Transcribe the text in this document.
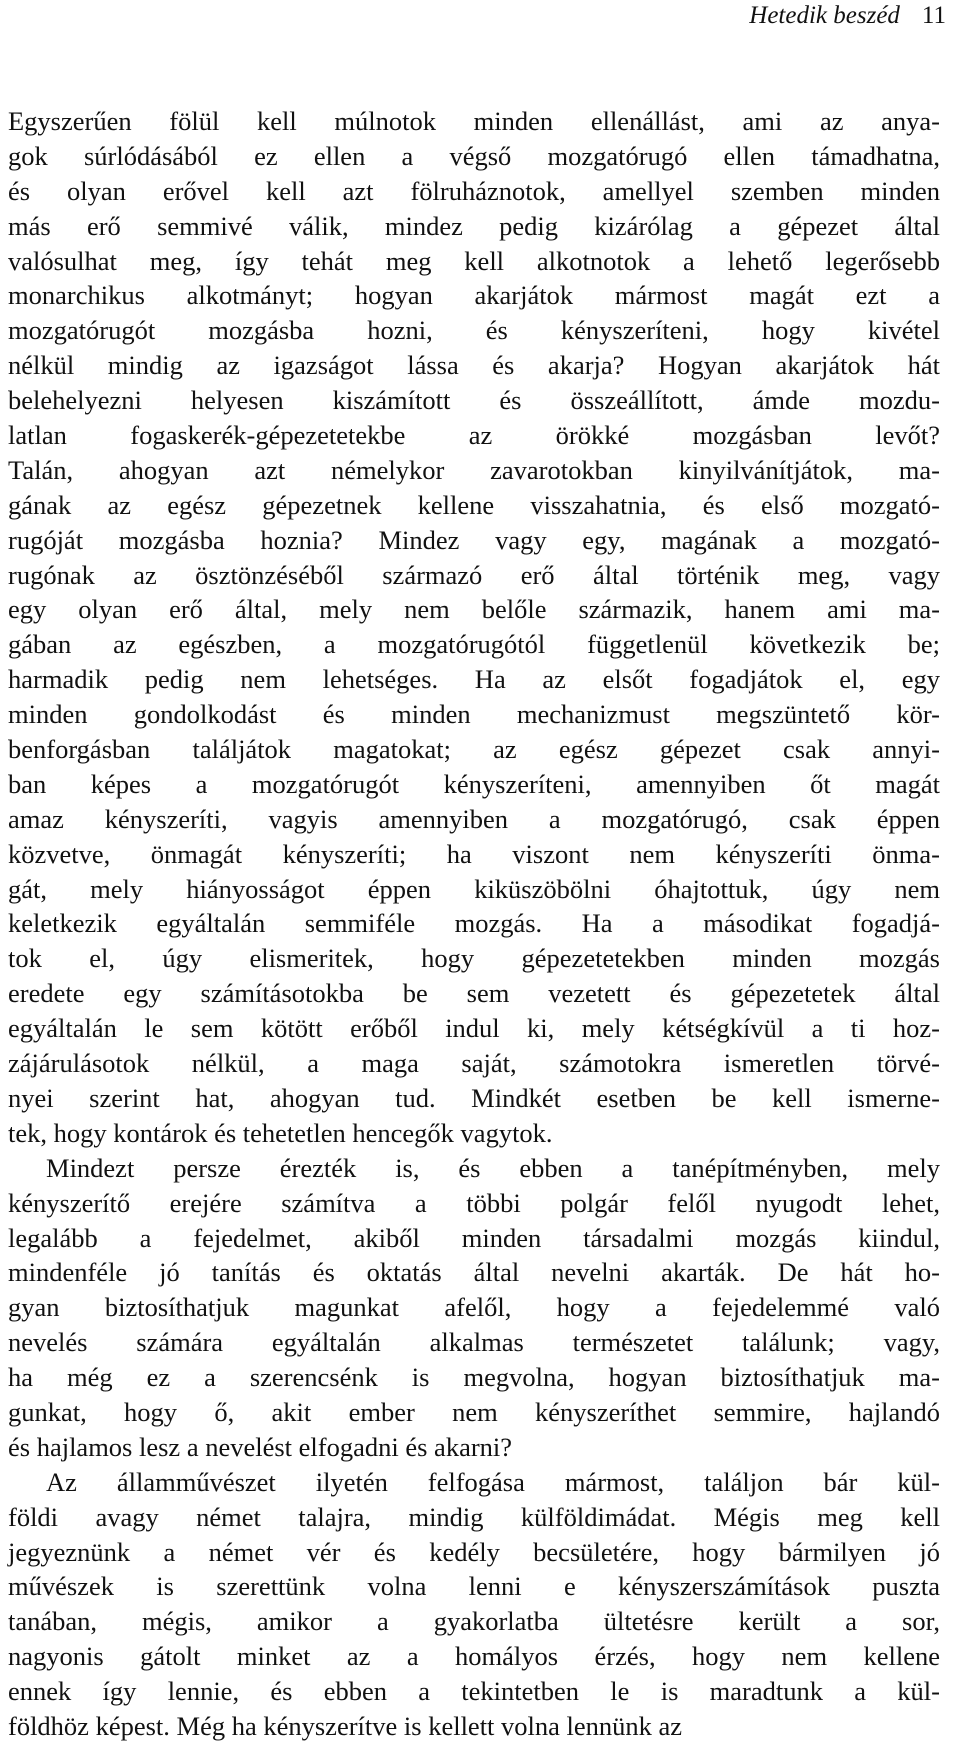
Hetedik beszéd 11
Egyszerűen fölül kell múlnotok minden ellenállást, ami az anya-
gok súrlódásából ez ellen a végső mozgatórugó ellen támadhatna,
és olyan erővel kell azt fölruháznotok, amellyel szemben minden
más erő semmivé válik, mindez pedig kizárólag a gépezet által
valósulhat meg, így tehát meg kell alkotnotok a lehető legerősebb
monarchikus alkotmányt; hogyan akarjátok mármost magát ezt a
mozgatórugót mozgásba hozni, és kényszeríteni, hogy kivétel
nélkül mindig az igazságot lássa és akarja? Hogyan akarjátok hát
belehelyezni helyesen kiszámított és összeállított, ámde mozdu-
latlan fogaskerék-gépezetetekbe az örökké mozgásban levőt?
Talán, ahogyan azt némelykor zavarotokban kinyilvánítjátok, ma-
gának az egész gépezetnek kellene visszahatnia, és első mozgató-
rugóját mozgásba hoznia? Mindez vagy egy, magának a mozgató-
rugónak az ösztönzéséből származó erő által történik meg, vagy
egy olyan erő által, mely nem belőle származik, hanem ami ma-
gában az egészben, a mozgatórugótól függetlenül következik be;
harmadik pedig nem lehetséges. Ha az elsőt fogadjátok el, egy
minden gondolkodást és minden mechanizmust megszüntető kör-
benforgásban találjátok magatokat; az egész gépezet csak annyi-
ban képes a mozgatórugót kényszeríteni, amennyiben őt magát
amaz kényszeríti, vagyis amennyiben a mozgatórugó, csak éppen
közvetve, önmagát kényszeríti; ha viszont nem kényszeríti önma-
gát, mely hiányosságot éppen kiküszöbölni óhajtottuk, úgy nem
keletkezik egyáltalán semmiféle mozgás. Ha a másodikat fogadjá-
tok el, úgy elismeritek, hogy gépezetetekben minden mozgás
eredete egy számításotokba be sem vezetett és gépezetetek által
egyáltalán le sem kötött erőből indul ki, mely kétségkívül a ti hoz-
zájárulásotok nélkül, a maga saját, számotokra ismeretlen törvé-
nyei szerint hat, ahogyan tud. Mindkét esetben be kell ismerne-
tek, hogy kontárok és tehetetlen hencegők vagytok.
Mindezt persze érezték is, és ebben a tanépítményben, mely
kényszerítő erejére számítva a többi polgár felől nyugodt lehet,
legalább a fejedelmet, akiből minden társadalmi mozgás kiindul,
mindenféle jó tanítás és oktatás által nevelni akarták. De hát ho-
gyan biztosíthatjuk magunkat afelől, hogy a fejedelemmé való
nevelés számára egyáltalán alkalmas természetet találunk; vagy,
ha még ez a szerencsénk is megvolna, hogyan biztosíthatjuk ma-
gunkat, hogy ő, akit ember nem kényszeríthet semmire, hajlandó
és hajlamos lesz a nevelést elfogadni és akarni?
Az államművészet ilyetén felfogása mármost, találjon bár kül-
földi avagy német talajra, mindig külföldimádat. Mégis meg kell
jegyeznünk a német vér és kedély becsületére, hogy bármilyen jó
művészek is szerettünk volna lenni e kényszerszámítások puszta
tanában, mégis, amikor a gyakorlatba ültetésre került a sor,
nagyonis gátolt minket az a homályos érzés, hogy nem kellene
ennek így lennie, és ebben a tekintetben le is maradtunk a kül-
földhöz képest. Még ha kényszerítve is kellett volna lennünk az
